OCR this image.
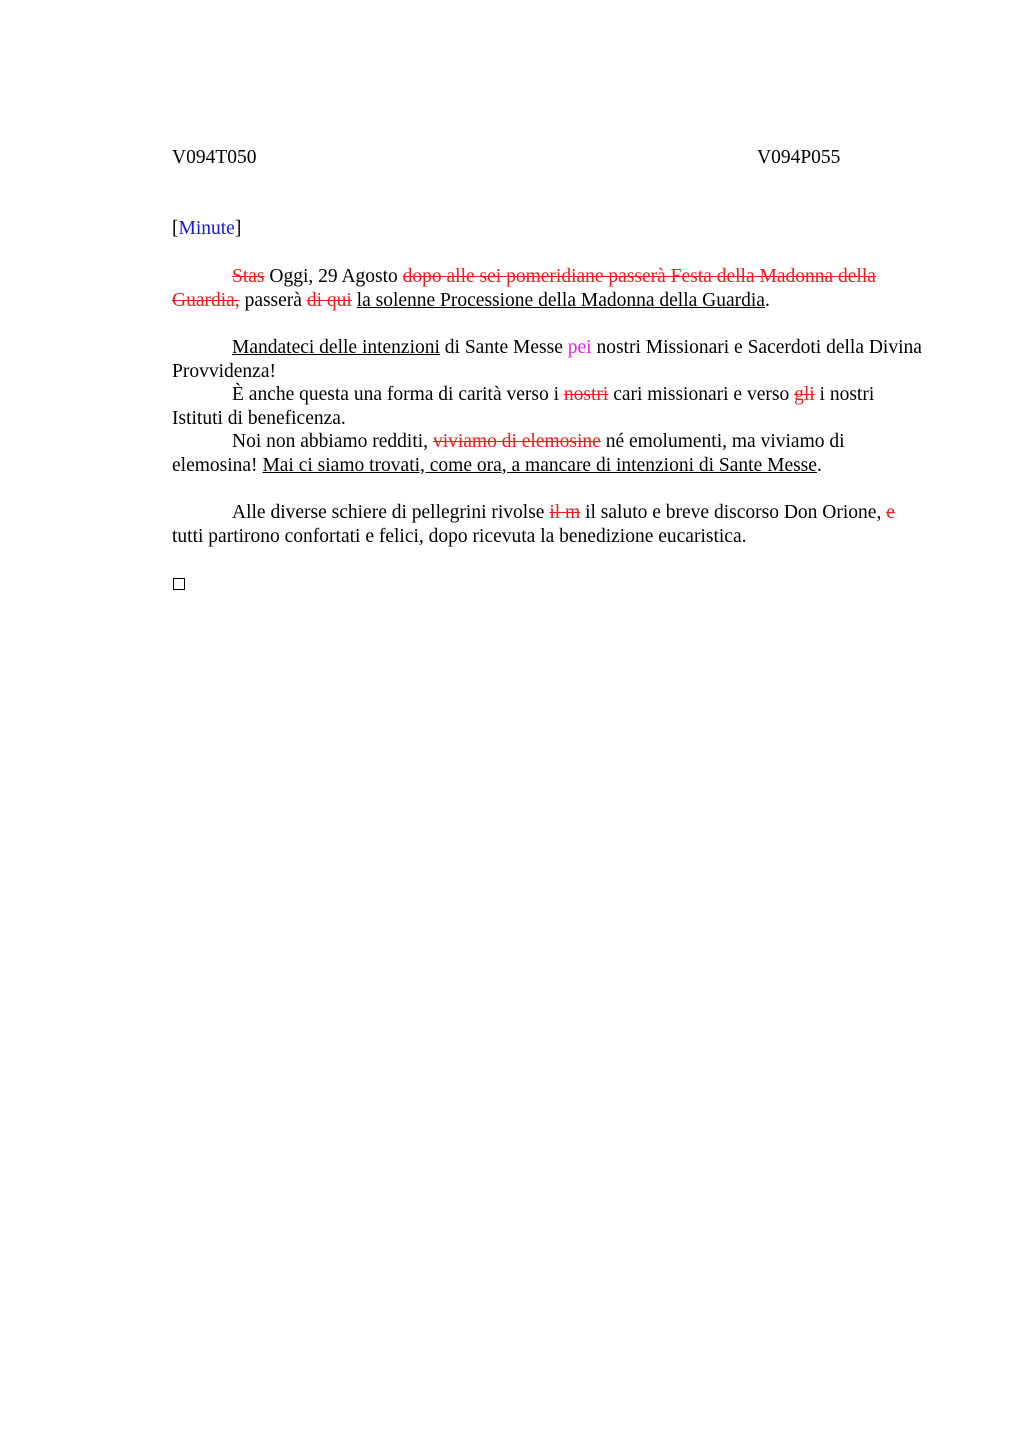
V094T050	V094P055
[Minute]
Stas Oggi, 29 Agosto dopo alle sei pomeridiane passerà Festa della Madonna della Guardia, passerà di qui la solenne Processione della Madonna della Guardia.
Mandateci delle intenzioni di Sante Messe pei nostri Missionari e Sacerdoti della Divina Provvidenza!
È anche questa una forma di carità verso i nostri cari missionari e verso gli i nostri Istituti di beneficenza.
Noi non abbiamo redditi, viviamo di elemosine né emolumenti, ma viviamo di elemosina! Mai ci siamo trovati, come ora, a mancare di intenzioni di Sante Messe.
Alle diverse schiere di pellegrini rivolse il m il saluto e breve discorso Don Orione, e tutti partirono confortati e felici, dopo ricevuta la benedizione eucaristica.
